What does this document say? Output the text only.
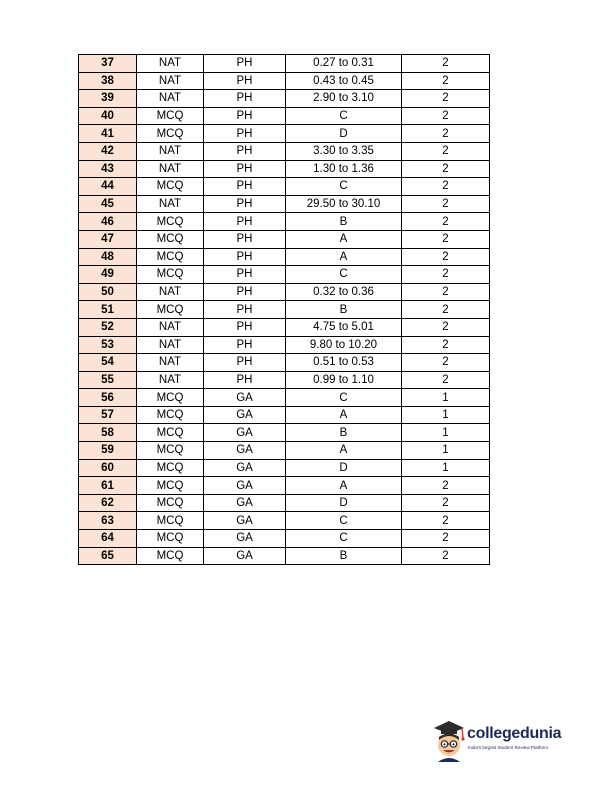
37	NAT	PH	0.27 to 0.31	2
38	NAT	PH	0.43 to 0.45	2
39	NAT	PH	2.90 to 3.10	2
40	MCQ	PH	C	2
41	MCQ	PH	D	2
42	NAT	PH	3.30 to 3.35	2
43	NAT	PH	1.30 to 1.36	2
44	MCQ	PH	C	2
45	NAT	PH	29.50 to 30.10	2
46	MCQ	PH	B	2
47	MCQ	PH	A	2
48	MCQ	PH	A	2
49	MCQ	PH	C	2
50	NAT	PH	0.32 to 0.36	2
51	MCQ	PH	B	2
52	NAT	PH	4.75 to 5.01	2
53	NAT	PH	9.80 to 10.20	2
54	NAT	PH	0.51 to 0.53	2
55	NAT	PH	0.99 to 1.10	2
56	MCQ	GA	C	1
57	MCQ	GA	A	1
58	MCQ	GA	B	1
59	MCQ	GA	A	1
60	MCQ	GA	D	1
61	MCQ	GA	A	2
62	MCQ	GA	D	2
63	MCQ	GA	C	2
64	MCQ	GA	C	2
65	MCQ	GA	B	2
collegedunia
India's largest Student Review Platform
